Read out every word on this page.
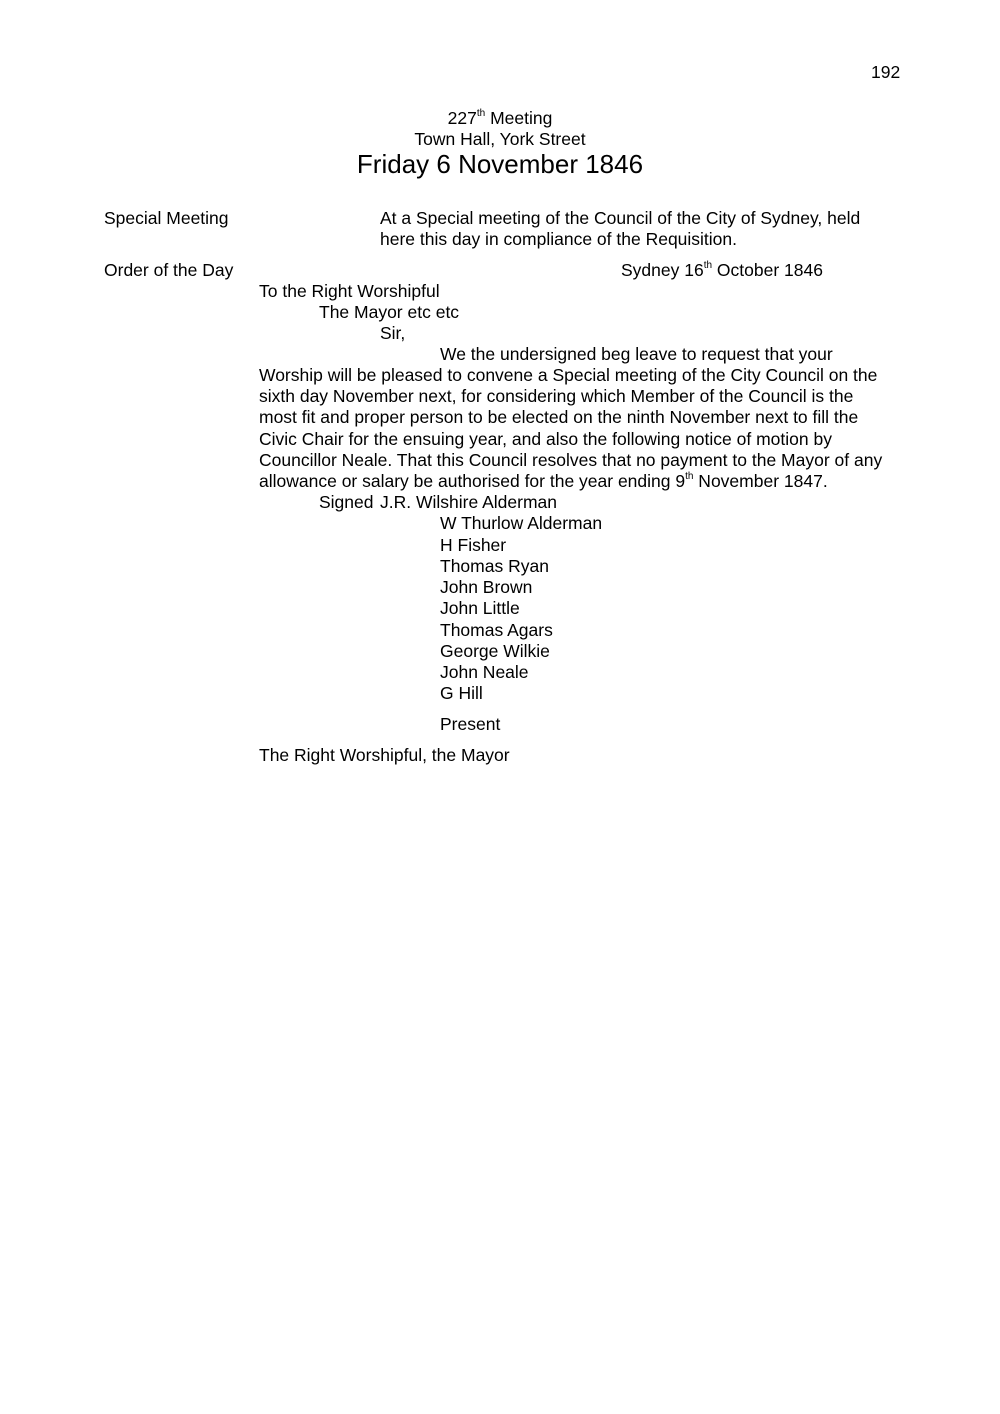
192
227th Meeting
Town Hall, York Street
Friday 6 November 1846
Special Meeting	At a Special meeting of the Council of the City of Sydney, held
here this day in compliance of the Requisition.
Order of the Day	Sydney 16th October 1846
To the Right Worshipful
The Mayor etc etc
Sir,
We the undersigned beg leave to request that your
Worship will be pleased to convene a Special meeting of the City Council on the
sixth day November next, for considering which Member of the Council is the
most fit and proper person to be elected on the ninth November next to fill the
Civic Chair for the ensuing year, and also the following notice of motion by
Councillor Neale. That this Council resolves that no payment to the Mayor of any
allowance or salary be authorised for the year ending 9th November 1847.
Signed J.R. Wilshire Alderman
W Thurlow Alderman
H Fisher
Thomas Ryan
John Brown
John Little
Thomas Agars
George Wilkie
John Neale
G Hill
Present
The Right Worshipful, the Mayor
